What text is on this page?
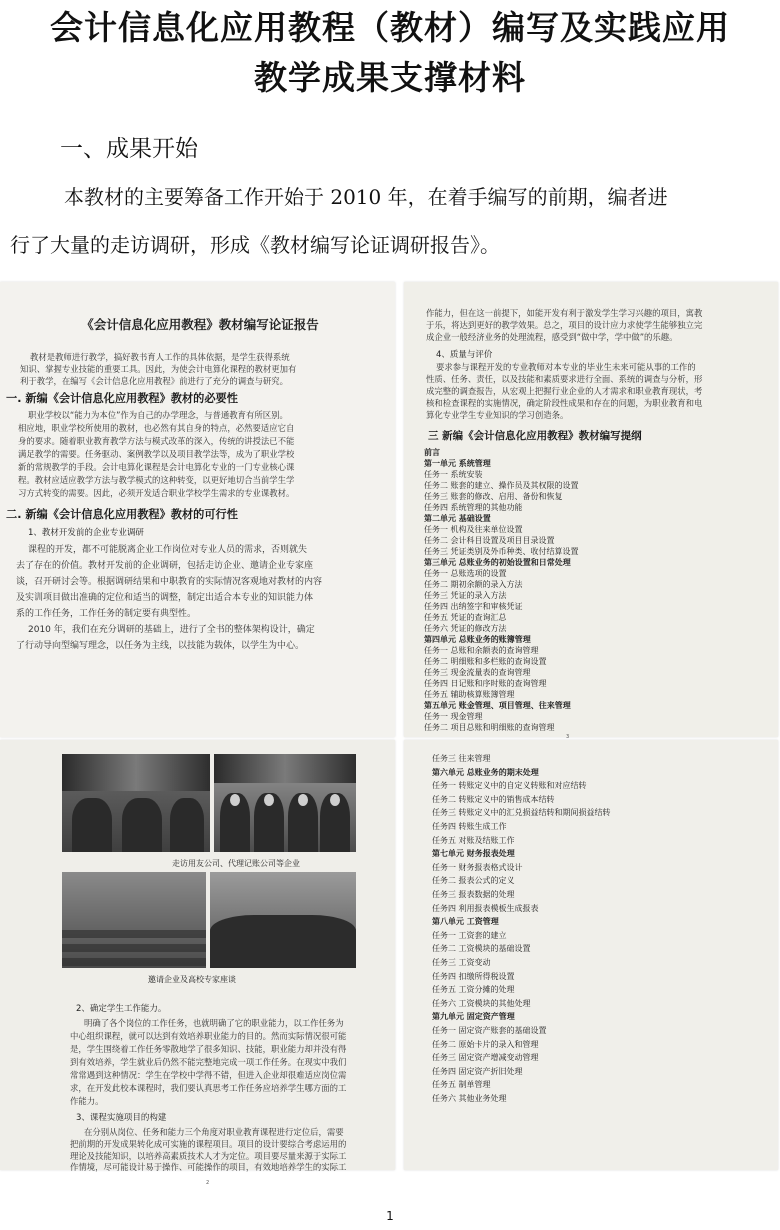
会计信息化应用教程（教材）编写及实践应用
教学成果支撑材料
一、成果开始
本教材的主要筹备工作开始于 2010 年，在着手编写的前期，编者进
行了大量的走访调研，形成《教材编写论证调研报告》。
《会计信息化应用教程》教材编写论证报告
教材是教师进行教学，搞好教书育人工作的具体依据，是学生获得系统
知识、掌握专业技能的重要工具。因此，为使会计电算化课程的教材更加有
利于教学，在编写《会计信息化应用教程》前进行了充分的调查与研究。
一. 新编《会计信息化应用教程》教材的必要性
职业学校以“能力为本位”作为自己的办学理念，与普通教育有所区别。
相应地，职业学校所使用的教材，也必然有其自身的特点，必然要适应它自
身的要求。随着职业教育教学方法与模式改革的深入，传统的讲授法已不能
满足教学的需要。任务驱动、案例教学以及项目教学法等，成为了职业学校
新的常规教学的手段。会计电算化课程是会计电算化专业的一门专业核心课
程。教材应适应教学方法与教学模式的这种转变，以更好地切合当前学生学
习方式转变的需要。因此，必须开发适合职业学校学生需求的专业课教材。
二. 新编《会计信息化应用教程》教材的可行性
1、教材开发前的企业专业调研
课程的开发，都不可能脱离企业工作岗位对专业人员的需求，否则就失
去了存在的价值。教材开发前的企业调研，包括走访企业、邀请企业专家座
谈，召开研讨会等。根据调研结果和中职教育的实际情况客观地对教材的内容
及实训项目做出准确的定位和适当的调整，制定出适合本专业的知识能力体
系的工作任务，工作任务的制定要有典型性。
2010 年，我们在充分调研的基础上，进行了全书的整体架构设计，确定
了行动导向型编写理念，以任务为主线，以技能为载体，以学生为中心。
作能力，但在这一前提下，如能开发有利于激发学生学习兴趣的项目，寓教
于乐，将达到更好的教学效果。总之，项目的设计应力求使学生能够独立完
成企业一般经济业务的处理流程，感受到“做中学，学中做”的乐趣。
4、质量与评价
要求参与课程开发的专业教师对本专业的毕业生未来可能从事的工作的
性质、任务、责任，以及技能和素质要求进行全面、系统的调查与分析，形
成完整的调查报告，从宏观上把握行业企业的人才需求和职业教育现状，考
核和检查课程的实施情况，确定阶段性成果和存在的问题，为职业教育和电
算化专业学生专业知识的学习创造条。
三 新编《会计信息化应用教程》教材编写提纲
前言
第一单元 系统管理
任务一 系统安装
任务二 账套的建立、操作员及其权限的设置
任务三 账套的修改、启用、备份和恢复
任务四 系统管理的其他功能
第二单元 基础设置
任务一 机构及往来单位设置
任务二 会计科目设置及项目目录设置
任务三 凭证类别及外币种类、收付结算设置
第三单元 总账业务的初始设置和日常处理
任务一 总账选项的设置
任务二 期初余额的录入方法
任务三 凭证的录入方法
任务四 出纳签字和审核凭证
任务五 凭证的查询汇总
任务六 凭证的修改方法
第四单元 总账业务的账簿管理
任务一 总账和余额表的查询管理
任务二 明细账和多栏账的查询设置
任务三 现金流量表的查询管理
任务四 日记账和序时账的查询管理
任务五 辅助核算账簿管理
第五单元 账金管理、项目管理、往来管理
任务一 现金管理
任务二 项目总账和明细账的查询管理
3
走访用友公司、代理记账公司等企业
邀请企业及高校专家座谈
2、确定学生工作能力。
明确了各个岗位的工作任务，也就明确了它的职业能力，以工作任务为
中心组织课程，就可以达到有效培养职业能力的目的。然而实际情况很可能
是，学生围绕着工作任务零散地学了很多知识、技能，职业能力却并没有得
到有效培养，学生就业后仍然不能完整地完成一项工作任务。在现实中我们
常常遇到这种情况：学生在学校中学得不错，但进入企业却很难适应岗位需
求，在开发此校本课程时，我们要认真思考工作任务应培养学生哪方面的工
作能力。
3、课程实施项目的构建
在分别从岗位、任务和能力三个角度对职业教育课程进行定位后，需要
把前期的开发成果转化成可实施的课程项目。项目的设计要综合考虑运用的
理论及技能知识，以培养高素质技术人才为定位。项目要尽量来源于实际工
作情境，尽可能设计易于操作、可能操作的项目，有效地培养学生的实际工
2
任务三 往来管理
第六单元 总账业务的期末处理
任务一 转账定义中的自定义转账和对应结转
任务二 转账定义中的销售成本结转
任务三 转账定义中的汇兑损益结转和期间损益结转
任务四 转账生成工作
任务五 对账及结账工作
第七单元 财务报表处理
任务一 财务报表格式设计
任务二 报表公式的定义
任务三 报表数据的处理
任务四 利用报表模板生成报表
第八单元 工资管理
任务一 工资套的建立
任务二 工资模块的基础设置
任务三 工资变动
任务四 扣缴所得税设置
任务五 工资分摊的处理
任务六 工资模块的其他处理
第九单元 固定资产管理
任务一 固定资产账套的基础设置
任务二 原始卡片的录入和管理
任务三 固定资产增减变动管理
任务四 固定资产折旧处理
任务五 制单管理
任务六 其他业务处理
1
